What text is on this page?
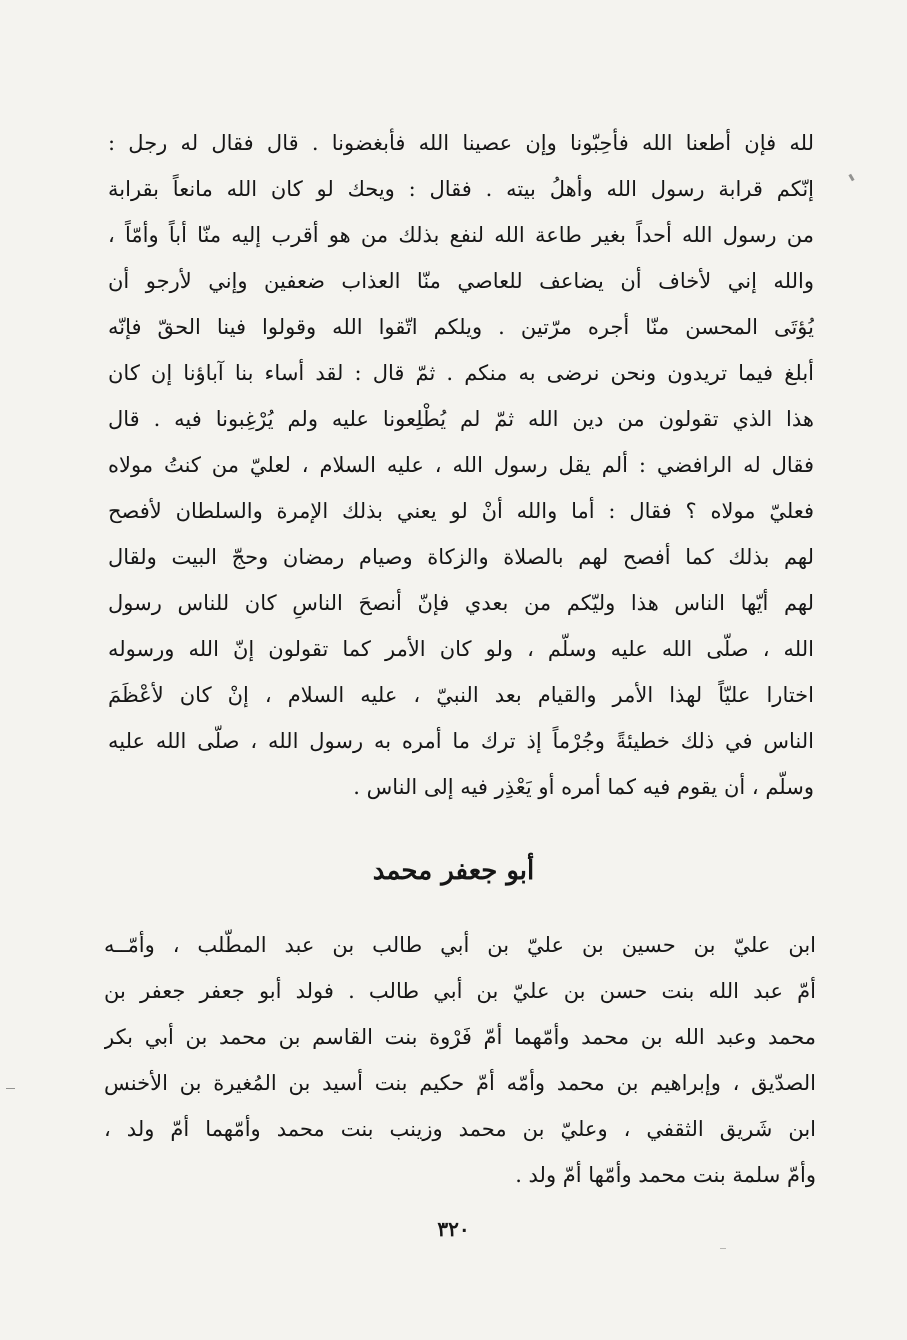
لله فإن أطعنا الله فأحِبّونا وإن عصينا الله فأبغضونا . قال فقال له رجل :
إنّكم قرابة رسول الله وأهلُ بيته . فقال : ويحك لو كان الله مانعاً بقرابة
من رسول الله أحداً بغير طاعة الله لنفع بذلك من هو أقرب إليه منّا أباً وأمّاً ،
والله إني لأخاف أن يضاعف للعاصي منّا العذاب ضعفين وإني لأرجو أن
يُؤتَى المحسن منّا أجره مرّتين . ويلكم اتّقوا الله وقولوا فينا الحقّ فإنّه
أبلغ فيما تريدون ونحن نرضى به منكم . ثمّ قال : لقد أساء بنا آباؤنا إن كان
هذا الذي تقولون من دين الله ثمّ لم يُطْلِعونا عليه ولم يُرْغِبونا فيه . قال
فقال له الرافضي : ألم يقل رسول الله ، عليه السلام ، لعليّ من كنتُ مولاه
فعليّ مولاه ؟ فقال : أما والله أنْ لو يعني بذلك الإمرة والسلطان لأفصح
لهم بذلك كما أفصح لهم بالصلاة والزكاة وصيام رمضان وحجّ البيت ولقال
لهم أيّها الناس هذا وليّكم من بعدي فإنّ أنصحَ الناسِ كان للناس رسول
الله ، صلّى الله عليه وسلّم ، ولو كان الأمر كما تقولون إنّ الله ورسوله
اختارا عليّاً لهذا الأمر والقيام بعد النبيّ ، عليه السلام ، إنْ كان لأعْظَمَ
الناس في ذلك خطيئةً وجُرْماً إذ ترك ما أمره به رسول الله ، صلّى الله عليه
وسلّم ، أن يقوم فيه كما أمره أو يَعْذِر فيه إلى الناس .
أبو جعفر محمد
ابن عليّ بن حسين بن عليّ بن أبي طالب بن عبد المطّلب ، وأمّــه
أمّ عبد الله بنت حسن بن عليّ بن أبي طالب . فولد أبو جعفر جعفر بن
محمد وعبد الله بن محمد وأمّهما أمّ فَرْوة بنت القاسم بن محمد بن أبي بكر
الصدّيق ، وإبراهيم بن محمد وأمّه أمّ حكيم بنت أسيد بن المُغيرة بن الأخنس
ابن شَريق الثقفي ، وعليّ بن محمد وزينب بنت محمد وأمّهما أمّ ولد ،
وأمّ سلمة بنت محمد وأمّها أمّ ولد .
٣٢٠
